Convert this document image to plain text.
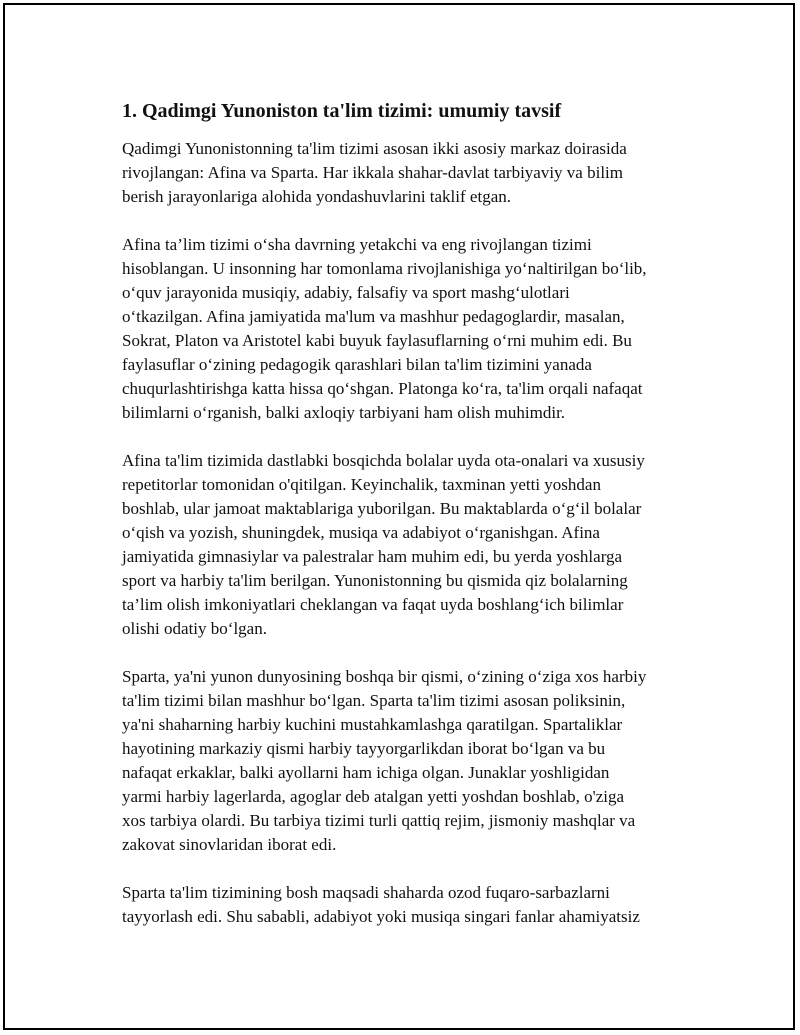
1. Qadimgi Yunoniston ta'lim tizimi: umumiy tavsif

Qadimgi Yunonistonning ta'lim tizimi asosan ikki asosiy markaz doirasida
rivojlangan: Afina va Sparta. Har ikkala shahar-davlat tarbiyaviy va bilim
berish jarayonlariga alohida yondashuvlarini taklif etgan.

Afina ta’lim tizimi o‘sha davrning yetakchi va eng rivojlangan tizimi
hisoblangan. U insonning har tomonlama rivojlanishiga yo‘naltirilgan bo‘lib,
o‘quv jarayonida musiqiy, adabiy, falsafiy va sport mashg‘ulotlari
o‘tkazilgan. Afina jamiyatida ma'lum va mashhur pedagoglardir, masalan,
Sokrat, Platon va Aristotel kabi buyuk faylasuflarning o‘rni muhim edi. Bu
faylasuflar o‘zining pedagogik qarashlari bilan ta'lim tizimini yanada
chuqurlashtirishga katta hissa qo‘shgan. Platonga ko‘ra, ta'lim orqali nafaqat
bilimlarni o‘rganish, balki axloqiy tarbiyani ham olish muhimdir.

Afina ta'lim tizimida dastlabki bosqichda bolalar uyda ota-onalari va xususiy
repetitorlar tomonidan o'qitilgan. Keyinchalik, taxminan yetti yoshdan
boshlab, ular jamoat maktablariga yuborilgan. Bu maktablarda o‘g‘il bolalar
o‘qish va yozish, shuningdek, musiqa va adabiyot o‘rganishgan. Afina
jamiyatida gimnasiylar va palestralar ham muhim edi, bu yerda yoshlarga
sport va harbiy ta'lim berilgan. Yunonistonning bu qismida qiz bolalarning
ta’lim olish imkoniyatlari cheklangan va faqat uyda boshlang‘ich bilimlar
olishi odatiy bo‘lgan.

Sparta, ya'ni yunon dunyosining boshqa bir qismi, o‘zining o‘ziga xos harbiy
ta'lim tizimi bilan mashhur bo‘lgan. Sparta ta'lim tizimi asosan poliksinin,
ya'ni shaharning harbiy kuchini mustahkamlashga qaratilgan. Spartaliklar
hayotining markaziy qismi harbiy tayyorgarlikdan iborat bo‘lgan va bu
nafaqat erkaklar, balki ayollarni ham ichiga olgan. Junaklar yoshligidan
yarmi harbiy lagerlarda, agoglar deb atalgan yetti yoshdan boshlab, o'ziga
xos tarbiya olardi. Bu tarbiya tizimi turli qattiq rejim, jismoniy mashqlar va
zakovat sinovlaridan iborat edi.

Sparta ta'lim tizimining bosh maqsadi shaharda ozod fuqaro-sarbazlarni
tayyorlash edi. Shu sababli, adabiyot yoki musiqa singari fanlar ahamiyatsiz
